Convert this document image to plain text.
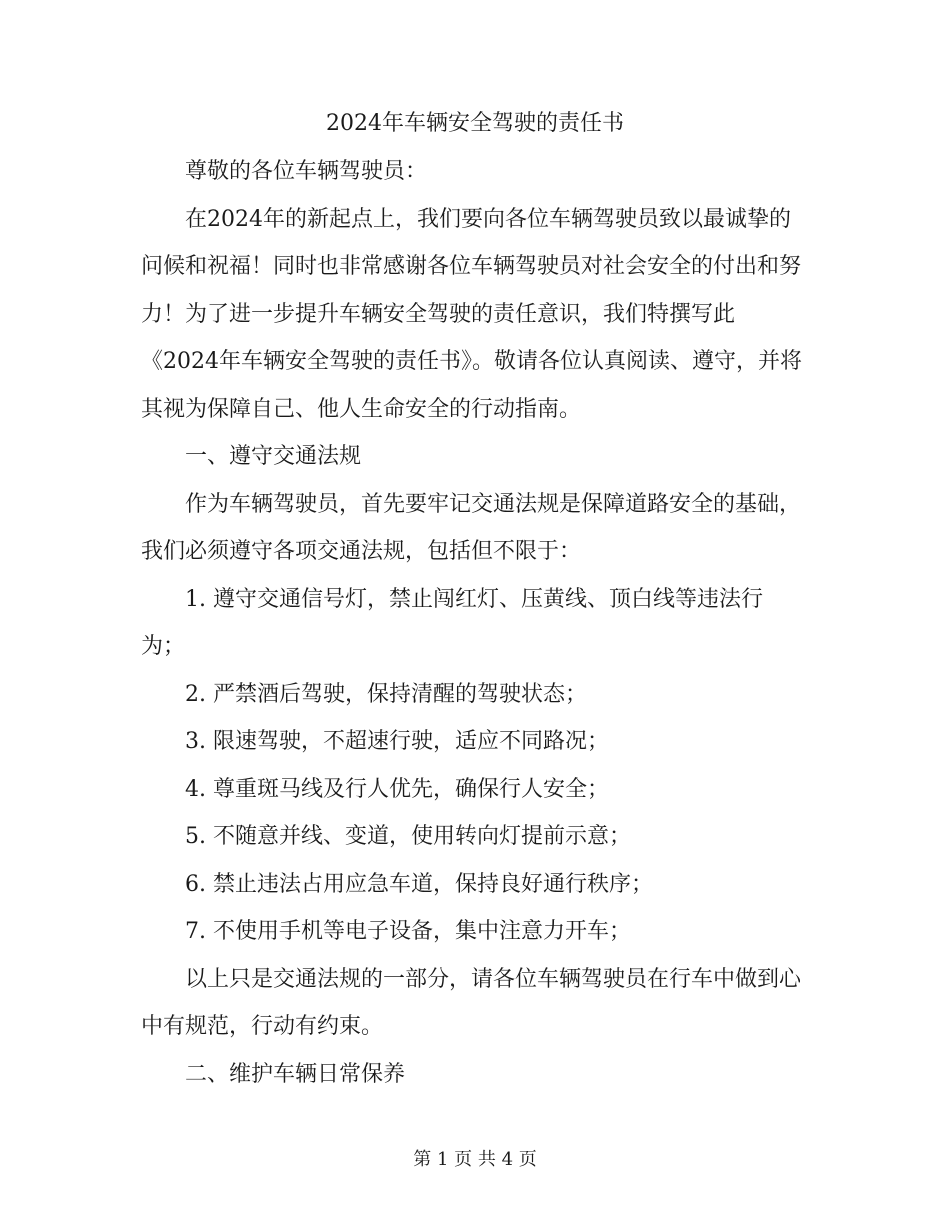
2024年车辆安全驾驶的责任书

尊敬的各位车辆驾驶员：

在2024年的新起点上，我们要向各位车辆驾驶员致以最诚挚的问候和祝福！同时也非常感谢各位车辆驾驶员对社会安全的付出和努力！为了进一步提升车辆安全驾驶的责任意识，我们特撰写此《2024年车辆安全驾驶的责任书》。敬请各位认真阅读、遵守，并将其视为保障自己、他人生命安全的行动指南。

一、遵守交通法规

作为车辆驾驶员，首先要牢记交通法规是保障道路安全的基础，我们必须遵守各项交通法规，包括但不限于：

1. 遵守交通信号灯，禁止闯红灯、压黄线、顶白线等违法行为；

2. 严禁酒后驾驶，保持清醒的驾驶状态；

3. 限速驾驶，不超速行驶，适应不同路况；

4. 尊重斑马线及行人优先，确保行人安全；

5. 不随意并线、变道，使用转向灯提前示意；

6. 禁止违法占用应急车道，保持良好通行秩序；

7. 不使用手机等电子设备，集中注意力开车；

以上只是交通法规的一部分，请各位车辆驾驶员在行车中做到心中有规范，行动有约束。

二、维护车辆日常保养

第 1 页 共 4 页
